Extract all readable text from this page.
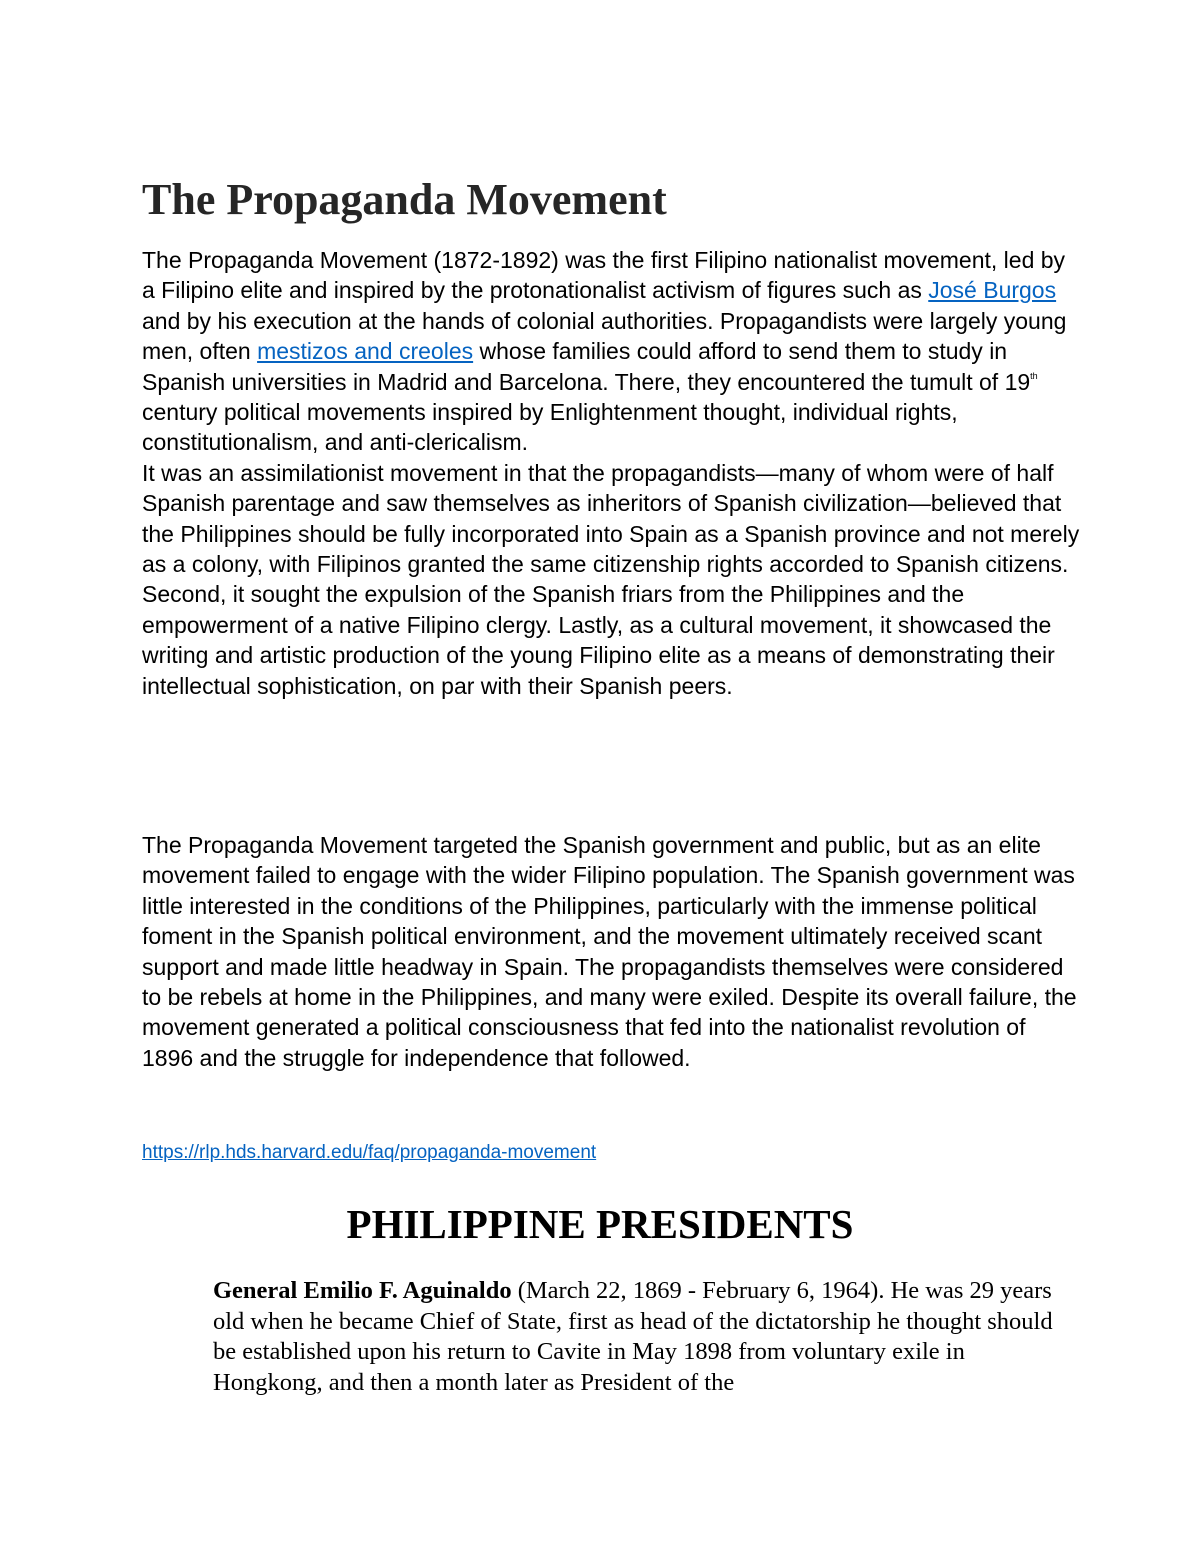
The Propaganda Movement

The Propaganda Movement (1872-1892) was the first Filipino nationalist movement, led by a Filipino elite and inspired by the protonationalist activism of figures such as José Burgos and by his execution at the hands of colonial authorities. Propagandists were largely young men, often mestizos and creoles whose families could afford to send them to study in Spanish universities in Madrid and Barcelona. There, they encountered the tumult of 19th century political movements inspired by Enlightenment thought, individual rights, constitutionalism, and anti-clericalism.

It was an assimilationist movement in that the propagandists—many of whom were of half Spanish parentage and saw themselves as inheritors of Spanish civilization—believed that the Philippines should be fully incorporated into Spain as a Spanish province and not merely as a colony, with Filipinos granted the same citizenship rights accorded to Spanish citizens. Second, it sought the expulsion of the Spanish friars from the Philippines and the empowerment of a native Filipino clergy. Lastly, as a cultural movement, it showcased the writing and artistic production of the young Filipino elite as a means of demonstrating their intellectual sophistication, on par with their Spanish peers.

The Propaganda Movement targeted the Spanish government and public, but as an elite movement failed to engage with the wider Filipino population. The Spanish government was little interested in the conditions of the Philippines, particularly with the immense political foment in the Spanish political environment, and the movement ultimately received scant support and made little headway in Spain. The propagandists themselves were considered to be rebels at home in the Philippines, and many were exiled. Despite its overall failure, the movement generated a political consciousness that fed into the nationalist revolution of 1896 and the struggle for independence that followed.

https://rlp.hds.harvard.edu/faq/propaganda-movement
PHILIPPINE PRESIDENTS

General Emilio F. Aguinaldo (March 22, 1869 - February 6, 1964). He was 29 years old when he became Chief of State, first as head of the dictatorship he thought should be established upon his return to Cavite in May 1898 from voluntary exile in Hongkong, and then a month later as President of the
